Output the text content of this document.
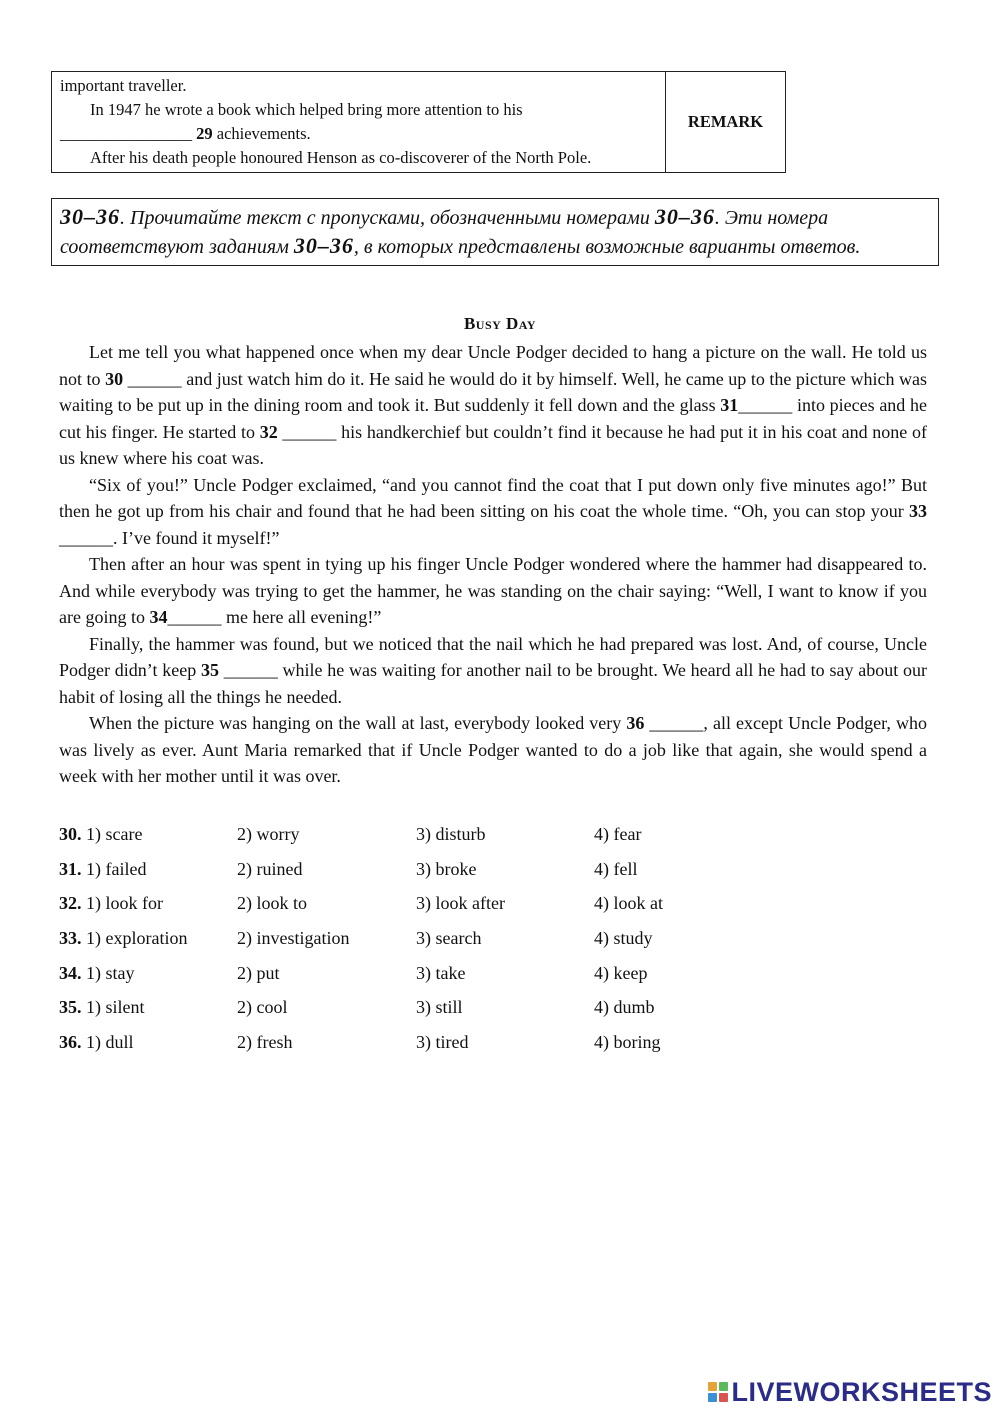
important traveller.

In 1947 he wrote a book which helped bring more attention to his

________________ 29 achievements.

After his death people honoured Henson as co-discoverer of the North Pole.

	REMARK
30–36. Прочитайте текст с пропусками, обозначенными номерами 30–36. Эти номера соответствуют заданиям 30–36, в которых представлены возможные варианты ответов.
Busy Day

Let me tell you what happened once when my dear Uncle Podger decided to hang a picture on the wall. He told us not to 30 ______ and just watch him do it. He said he would do it by himself. Well, he came up to the picture which was waiting to be put up in the dining room and took it. But suddenly it fell down and the glass 31______ into pieces and he cut his finger. He started to 32 ______ his handkerchief but couldn’t find it because he had put it in his coat and none of us knew where his coat was.

“Six of you!” Uncle Podger exclaimed, “and you cannot find the coat that I put down only five minutes ago!” But then he got up from his chair and found that he had been sitting on his coat the whole time. “Oh, you can stop your 33 ______. I’ve found it myself!”

Then after an hour was spent in tying up his finger Uncle Podger wondered where the hammer had disappeared to. And while everybody was trying to get the hammer, he was standing on the chair saying: “Well, I want to know if you are going to 34______ me here all evening!”

Finally, the hammer was found, but we noticed that the nail which he had prepared was lost. And, of course, Uncle Podger didn’t keep 35 ______ while he was waiting for another nail to be brought. We heard all he had to say about our habit of losing all the things he needed.

When the picture was hanging on the wall at last, everybody looked very 36 ______, all except Uncle Podger, who was lively as ever. Aunt Maria remarked that if Uncle Podger wanted to do a job like that again, she would spend a week with her mother until it was over.

30. 1) scare	2) worry	3) disturb	4) fear
31. 1) failed	2) ruined	3) broke	4) fell
32. 1) look for	2) look to	3) look after	4) look at
33. 1) exploration	2) investigation	3) search	4) study
34. 1) stay	2) put	3) take	4) keep
35. 1) silent	2) cool	3) still	4) dumb
36. 1) dull	2) fresh	3) tired	4) boring
LIVEWORKSHEETS
